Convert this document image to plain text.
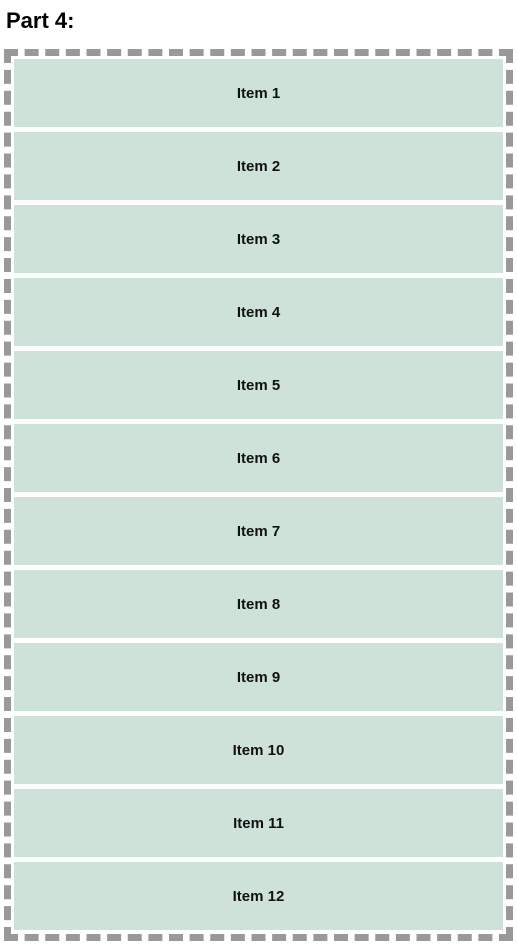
Part 4:
Item 1
Item 2
Item 3
Item 4
Item 5
Item 6
Item 7
Item 8
Item 9
Item 10
Item 11
Item 12
